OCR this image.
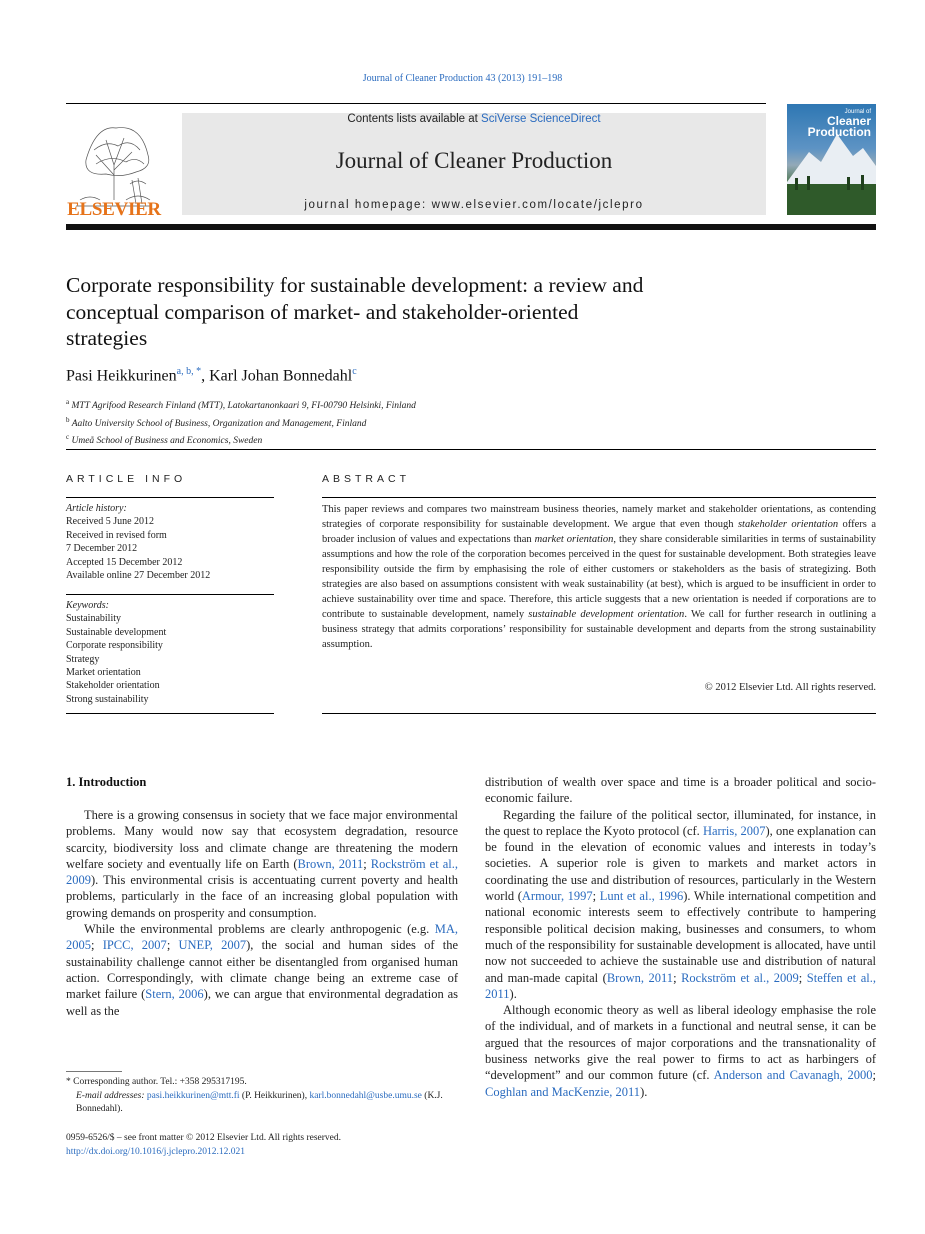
Journal of Cleaner Production 43 (2013) 191–198
ELSEVIER
Contents lists available at SciVerse ScienceDirect
Journal of Cleaner Production
journal homepage: www.elsevier.com/locate/jclepro
Journal of
Cleaner
Production
Corporate responsibility for sustainable development: a review and
conceptual comparison of market- and stakeholder-oriented
strategies
Pasi Heikkurinen$^{a, b, *}$, Karl Johan Bonnedahl$^c$
$^a$ MTT Agrifood Research Finland (MTT), Latokartanonkaari 9, FI-00790 Helsinki, Finland
$^b$ Aalto University School of Business, Organization and Management, Finland
$^c$ Umeå School of Business and Economics, Sweden
ARTICLE INFO
Article history:
Received 5 June 2012
Received in revised form
7 December 2012
Accepted 15 December 2012
Available online 27 December 2012
Keywords:
Sustainability
Sustainable development
Corporate responsibility
Strategy
Market orientation
Stakeholder orientation
Strong sustainability
ABSTRACT
This paper reviews and compares two mainstream business theories, namely market and stakeholder orientations, as contending strategies of corporate responsibility for sustainable development. We argue that even though stakeholder orientation offers a broader inclusion of values and expectations than market orientation, they share considerable similarities in terms of sustainability assumptions and how the role of the corporation becomes perceived in the quest for sustainable development. Both strategies leave responsibility outside the firm by emphasising the role of either customers or stakeholders as the basis of strategizing. Both strategies are also based on assumptions consistent with weak sustainability (at best), which is argued to be insufficient in order to achieve sustainability over time and space. Therefore, this article suggests that a new orientation is needed if corporations are to contribute to sustainable development, namely sustainable development orientation. We call for further research in outlining a business strategy that admits corporations’ responsibility for sustainable development and departs from the strong sustainability assumption.
© 2012 Elsevier Ltd. All rights reserved.
1. Introduction

There is a growing consensus in society that we face major environmental problems. Many would now say that ecosystem degradation, resource scarcity, biodiversity loss and climate change are threatening the modern welfare society and eventually life on Earth (Brown, 2011; Rockström et al., 2009). This environmental crisis is accentuating current poverty and health problems, particularly in the face of an increasing global population with growing demands on prosperity and consumption.

While the environmental problems are clearly anthropogenic (e.g. MA, 2005; IPCC, 2007; UNEP, 2007), the social and human sides of the sustainability challenge cannot either be disentangled from organised human action. Correspondingly, with climate change being an extreme case of market failure (Stern, 2006), we can argue that environmental degradation as well as the

distribution of wealth over space and time is a broader political and socio-economic failure.

Regarding the failure of the political sector, illuminated, for instance, in the quest to replace the Kyoto protocol (cf. Harris, 2007), one explanation can be found in the elevation of economic values and interests in today’s societies. A superior role is given to markets and market actors in coordinating the use and distribution of resources, particularly in the Western world (Armour, 1997; Lunt et al., 1996). While international competition and national economic interests seem to effectively contribute to hampering responsible political decision making, businesses and consumers, to whom much of the responsibility for sustainable development is allocated, have until now not succeeded to achieve the sustainable use and distribution of natural and man-made capital (Brown, 2011; Rockström et al., 2009; Steffen et al., 2011).

Although economic theory as well as liberal ideology emphasise the role of the individual, and of markets in a functional and neutral sense, it can be argued that the resources of major corporations and the transnationality of business networks give the real power to firms to act as harbingers of “development” and our common future (cf. Anderson and Cavanagh, 2000; Coghlan and MacKenzie, 2011).

* Corresponding author. Tel.: +358 295317195.
E-mail addresses: pasi.heikkurinen@mtt.fi (P. Heikkurinen), karl.bonnedahl@usbe.umu.se (K.J. Bonnedahl).
0959-6526/$ – see front matter © 2012 Elsevier Ltd. All rights reserved.
http://dx.doi.org/10.1016/j.jclepro.2012.12.021
